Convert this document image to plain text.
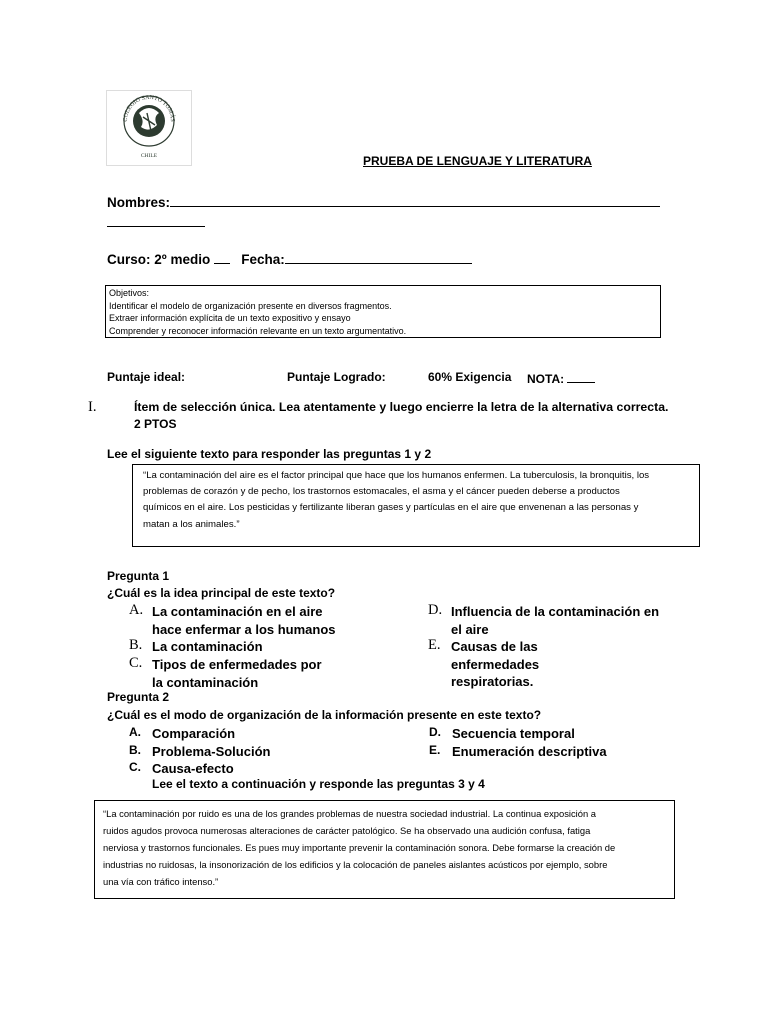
COLEGIO SANTO TOMÁS
CHILE	PRUEBA DE LENGUAJE Y LITERATURA
Nombres:
Curso: 2º medio Fecha:
Objetivos:
Identificar el modelo de organización presente en diversos fragmentos.
Extraer información explícita de un texto expositivo y ensayo
Comprender y reconocer información relevante en un texto argumentativo.
Puntaje ideal:	Puntaje Logrado:	60% Exigencia NOTA:
I.	Ítem de selección única. Lea atentamente y luego encierre la letra de la alternativa correcta.
2 PTOS
Lee el siguiente texto para responder las preguntas 1 y 2
“La contaminación del aire es el factor principal que hace que los humanos enfermen. La tuberculosis, la bronquitis, los
problemas de corazón y de pecho, los trastornos estomacales, el asma y el cáncer pueden deberse a productos
químicos en el aire. Los pesticidas y fertilizante liberan gases y partículas en el aire que envenenan a las personas y
matan a los animales.”
Pregunta 1
¿Cuál es la idea principal de este texto?
A. La contaminación en el aire hace enfermar a los humanos
B. La contaminación
C. Tipos de enfermedades por la contaminación
D. Influencia de la contaminación en el aire
E. Causas de las enfermedades respiratorias.
Pregunta 2
¿Cuál es el modo de organización de la información presente en este texto?
A. Comparación
B. Problema-Solución
C. Causa-efecto
D. Secuencia temporal
E. Enumeración descriptiva
Lee el texto a continuación y responde las preguntas 3 y 4
“La contaminación por ruido es una de los grandes problemas de nuestra sociedad industrial. La continua exposición a
ruidos agudos provoca numerosas alteraciones de carácter patológico. Se ha observado una audición confusa, fatiga
nerviosa y trastornos funcionales. Es pues muy importante prevenir la contaminación sonora. Debe formarse la creación de
industrias no ruidosas, la insonorización de los edificios y la colocación de paneles aislantes acústicos por ejemplo, sobre
una vía con tráfico intenso.”
